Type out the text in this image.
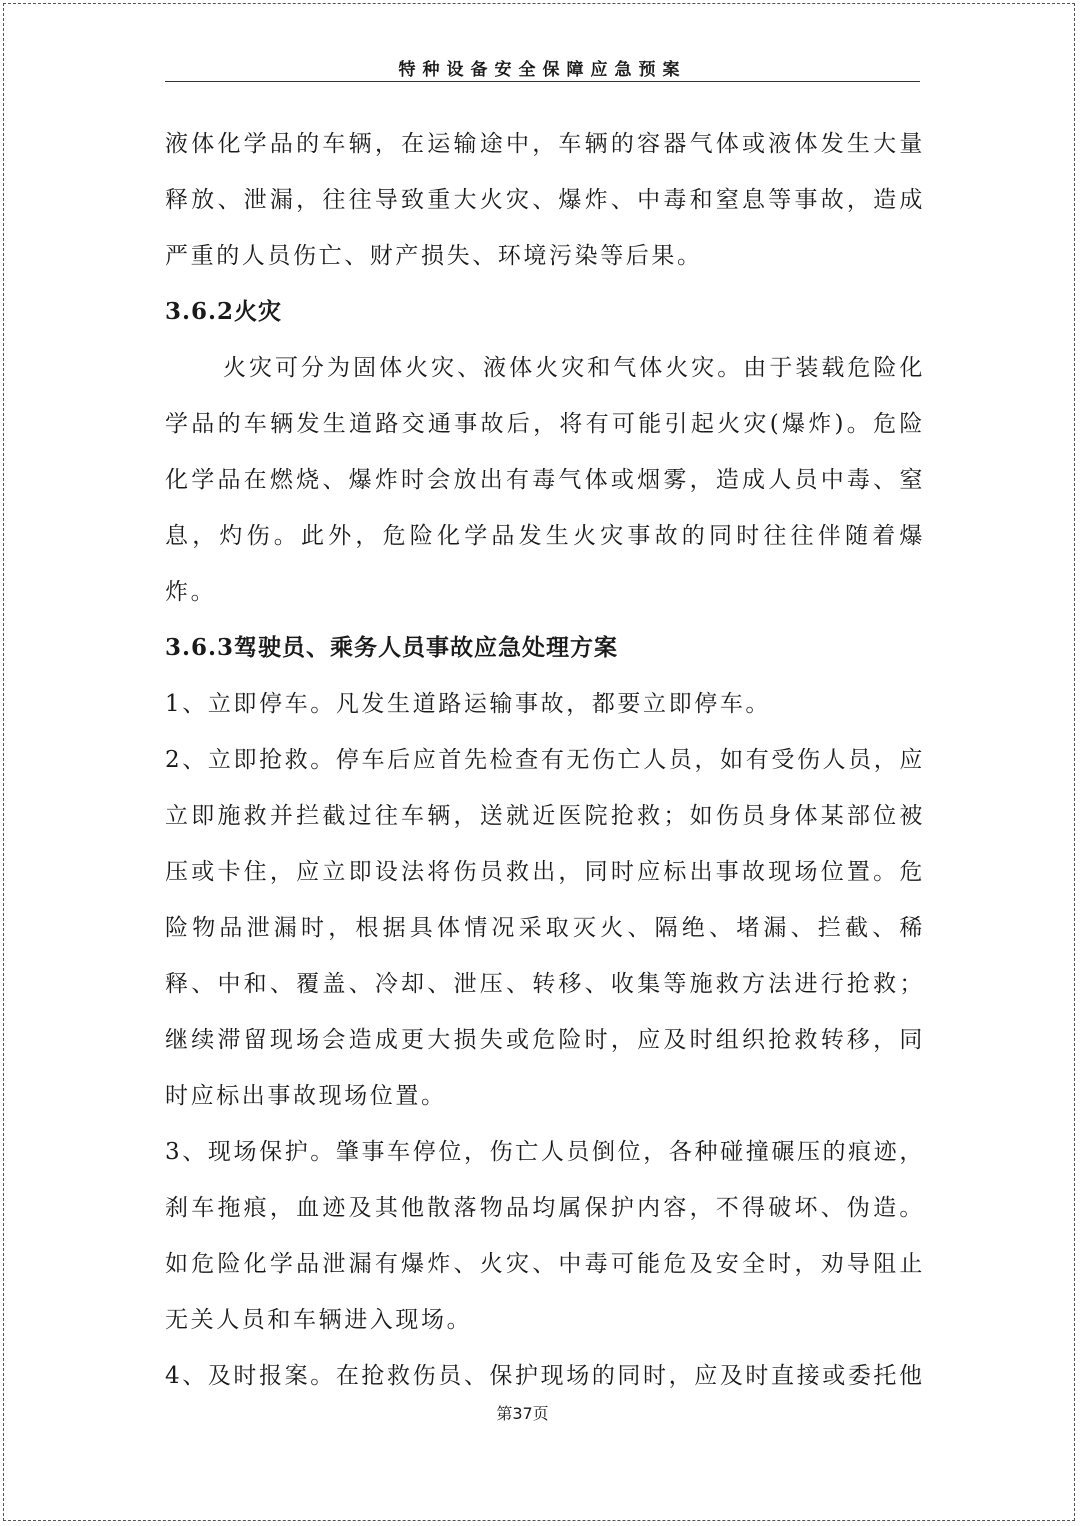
特种设备安全保障应急预案

液体化学品的车辆，在运输途中，车辆的容器气体或液体发生大量释放、泄漏，往往导致重大火灾、爆炸、中毒和窒息等事故，造成严重的人员伤亡、财产损失、环境污染等后果。

3.6.2火灾

火灾可分为固体火灾、液体火灾和气体火灾。由于装载危险化学品的车辆发生道路交通事故后，将有可能引起火灾(爆炸)。危险化学品在燃烧、爆炸时会放出有毒气体或烟雾，造成人员中毒、窒息，灼伤。此外，危险化学品发生火灾事故的同时往往伴随着爆炸。

3.6.3驾驶员、乘务人员事故应急处理方案

1、立即停车。凡发生道路运输事故，都要立即停车。

2、立即抢救。停车后应首先检查有无伤亡人员，如有受伤人员，应立即施救并拦截过往车辆，送就近医院抢救；如伤员身体某部位被压或卡住，应立即设法将伤员救出，同时应标出事故现场位置。危险物品泄漏时，根据具体情况采取灭火、隔绝、堵漏、拦截、稀释、中和、覆盖、冷却、泄压、转移、收集等施救方法进行抢救；继续滞留现场会造成更大损失或危险时，应及时组织抢救转移，同时应标出事故现场位置。

3、现场保护。肇事车停位，伤亡人员倒位，各种碰撞碾压的痕迹，刹车拖痕，血迹及其他散落物品均属保护内容，不得破坏、伪造。如危险化学品泄漏有爆炸、火灾、中毒可能危及安全时，劝导阻止无关人员和车辆进入现场。

4、及时报案。在抢救伤员、保护现场的同时，应及时直接或委托他

第37页
